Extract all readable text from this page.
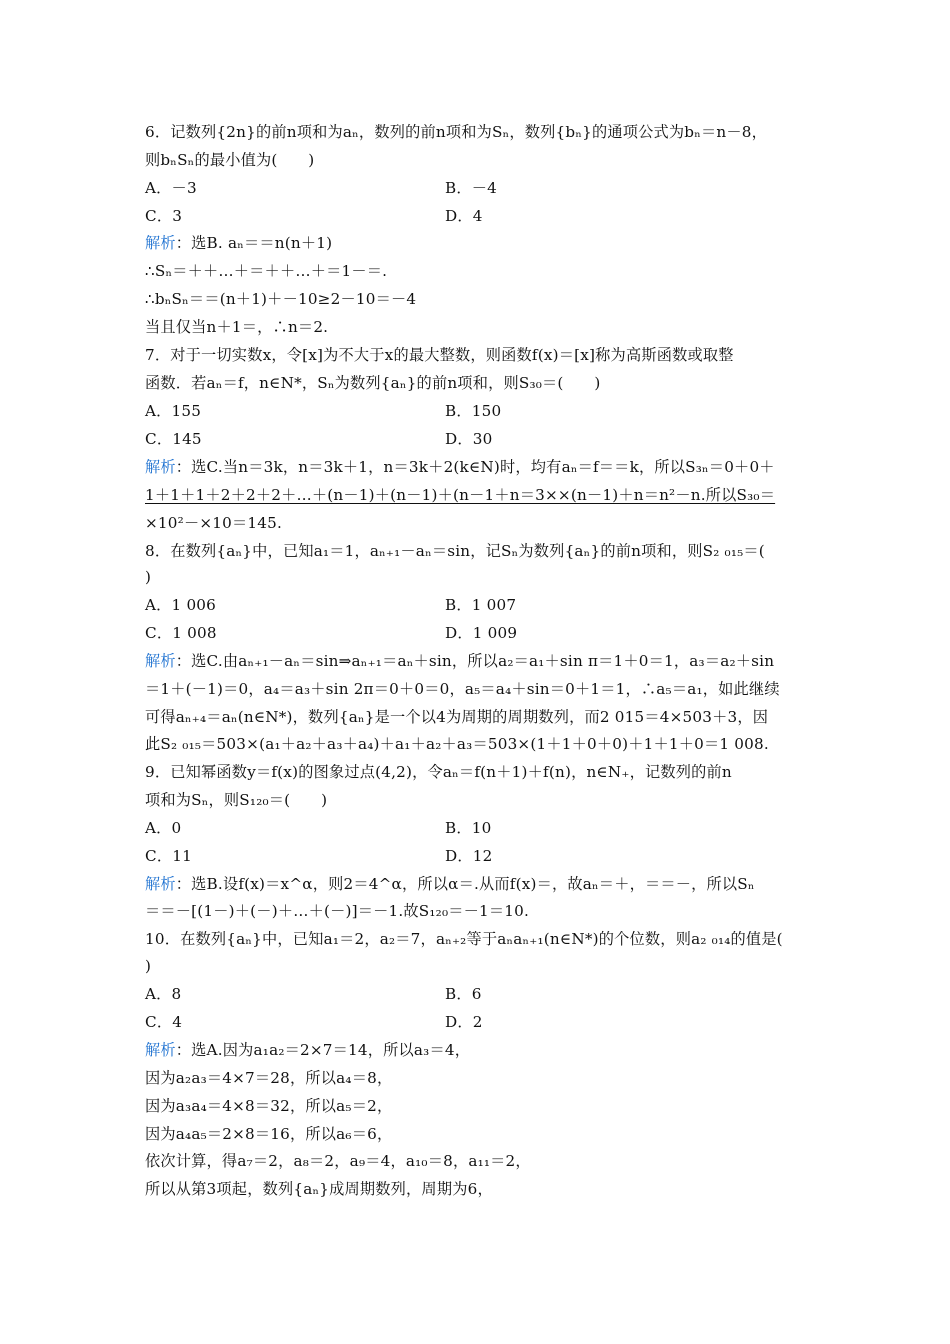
6．记数列{2n}的前n项和为aₙ，数列的前n项和为Sₙ，数列{bₙ}的通项公式为bₙ＝n－8，
则bₙSₙ的最小值为(　　)
A．－3	B．－4
C．3	D．4
解析：选B. aₙ＝＝n(n＋1)
∴Sₙ＝＋＋…＋＝＋＋…＋＝1－＝.
∴bₙSₙ＝＝(n＋1)＋－10≥2－10＝－4
当且仅当n＋1＝，∴n＝2.
7．对于一切实数x，令[x]为不大于x的最大整数，则函数f(x)＝[x]称为高斯函数或取整
函数．若aₙ＝f，n∈N*，Sₙ为数列{aₙ}的前n项和，则S₃₀＝(　　)
A．155	B．150
C．145	D．30
解析：选C.当n＝3k，n＝3k＋1，n＝3k＋2(k∈N)时，均有aₙ＝f＝＝k，所以S₃ₙ＝0＋0＋
1＋1＋1＋2＋2＋2＋…＋(n－1)＋(n－1)＋(n－1＋n＝3××(n－1)＋n＝n²－n.所以S₃₀＝
×10²－×10＝145.
8．在数列{aₙ}中，已知a₁＝1，aₙ₊₁－aₙ＝sin，记Sₙ为数列{aₙ}的前n项和，则S₂ ₀₁₅＝(
)
A．1 006	B．1 007
C．1 008	D．1 009
解析：选C.由aₙ₊₁－aₙ＝sin⇒aₙ₊₁＝aₙ＋sin，所以a₂＝a₁＋sin π＝1＋0＝1，a₃＝a₂＋sin
＝1＋(－1)＝0，a₄＝a₃＋sin 2π＝0＋0＝0，a₅＝a₄＋sin＝0＋1＝1，∴a₅＝a₁，如此继续
可得aₙ₊₄＝aₙ(n∈N*)，数列{aₙ}是一个以4为周期的周期数列，而2 015＝4×503＋3，因
此S₂ ₀₁₅＝503×(a₁＋a₂＋a₃＋a₄)＋a₁＋a₂＋a₃＝503×(1＋1＋0＋0)＋1＋1＋0＝1 008.
9．已知幂函数y＝f(x)的图象过点(4,2)，令aₙ＝f(n＋1)＋f(n)，n∈N₊，记数列的前n
项和为Sₙ，则S₁₂₀＝(　　)
A．0	B．10
C．11	D．12
解析：选B.设f(x)＝x^α，则2＝4^α，所以α＝.从而f(x)＝，故aₙ＝＋，＝＝－，所以Sₙ
＝＝－[(1－)＋(－)＋…＋(－)]＝－1.故S₁₂₀＝－1＝10.
10．在数列{aₙ}中，已知a₁＝2，a₂＝7，aₙ₊₂等于aₙaₙ₊₁(n∈N*)的个位数，则a₂ ₀₁₄的值是(
)
A．8	B．6
C．4	D．2
解析：选A.因为a₁a₂＝2×7＝14，所以a₃＝4，
因为a₂a₃＝4×7＝28，所以a₄＝8，
因为a₃a₄＝4×8＝32，所以a₅＝2，
因为a₄a₅＝2×8＝16，所以a₆＝6，
依次计算，得a₇＝2，a₈＝2，a₉＝4，a₁₀＝8，a₁₁＝2，
所以从第3项起，数列{aₙ}成周期数列，周期为6，
